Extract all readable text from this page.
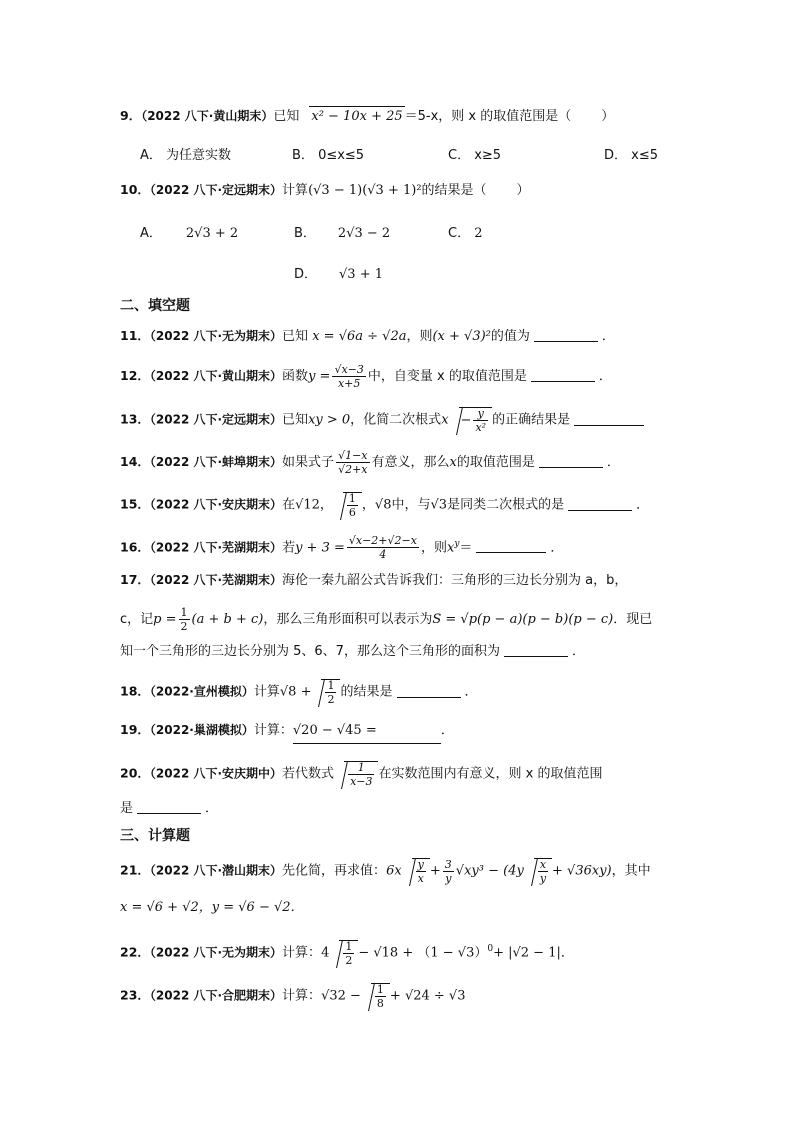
9．（2022 八下·黄山期末）已知 x² − 10x + 25 ＝5-x，则 x 的取值范围是（ ）
A． 为任意实数	B． 0≤x≤5	C． x≥5	D． x≤5
10．（2022 八下·定远期末）计算(√3 − 1)(√3 + 1)²的结果是（ ）
A． 2√3 + 2	B． 2√3 − 2	C． 2
D． √3 + 1
二、填空题
11．（2022 八下·无为期末）已知 x = √6a ÷ √2a，则(x + √3)²的值为	．
12．（2022 八下·黄山期末）函数$y = \frac{√x-3}{x+5}$ 中，自变量 x 的取值范围是	．
13．（2022 八下·定远期末）已知xy > 0，化简二次根式$x - \frac{y}{\text{x²}}$ 的正确结果是
14．（2022 八下·蚌埠期末）如果式子 $\frac{√1-x}{√2+x}$ 有意义，那么x的取值范围是	．
15．（2022 八下·安庆期末）在√12， $\frac{1}{6}$ ，√8中，与√3是同类二次根式的是	．
16．（2022 八下·芜湖期末）若$y + 3 = \frac{√x-2+√2-x}{4}$ ，则$x^y=$	．
17．（2022 八下·芜湖期末）海伦一秦九韶公式告诉我们：三角形的三边长分别为 a，b，
c，记$p = \frac{1}{2} (a + b + c)$，那么三角形面积可以表示为S = √p(p − a)(p − b)(p − c)．现已
知一个三角形的三边长分别为 5、6、7，那么这个三角形的面积为	．
18．（2022·宣州模拟）计算$√8 + \frac{1}{2}$ 的结果是	．
19．（2022·巢湖模拟）计算：√20 − √45 =	．
20．（2022 八下·安庆期中）若代数式 $\frac{1}{x-3}$ 在实数范围内有意义，则 x 的取值范围
是	．
三、计算题
21．（2022 八下·潜山期末）先化简，再求值：$6x \frac{y}{x} + \frac{3}{y} √xy^3 - (4y \frac{x}{y} + √36xy)$，其中
x = √6 + √2，y = √6 − √2．
22．（2022 八下·无为期末）计算：$4 \frac{1}{2} - √18 + (1 - √3)^0+ |√2 - 1|$．
23．（2022 八下·合肥期末）计算：$√32 - \frac{1}{8} + √24 \div √3$
